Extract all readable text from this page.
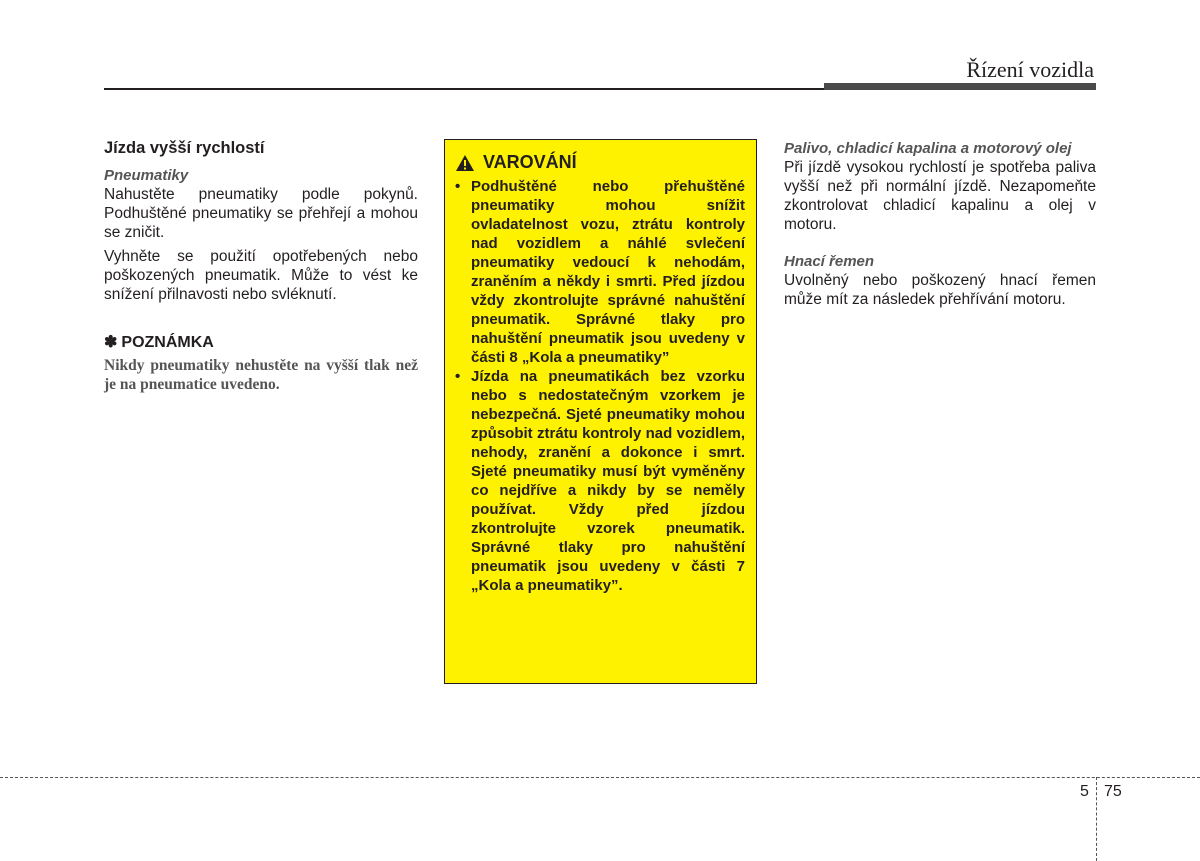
Řízení vozidla
Jízda vyšší rychlostí
Pneumatiky

Nahustěte pneumatiky podle pokynů. Podhuštěné pneumatiky se přehřejí a mohou se zničit.

Vyhněte se použití opotřebených nebo poškozených pneumatik. Může to vést ke snížení přilnavosti nebo svléknutí.

✽ POZNÁMKA
Nikdy pneumatiky nehustěte na vyšší tlak než je na pneumatice uvedeno.
VAROVÁNÍ
• Podhuštěné nebo přehuštěné pneumatiky mohou snížit ovladatelnost vozu, ztrátu kontroly nad vozidlem a náhlé svlečení pneumatiky vedoucí k nehodám, zraněním a někdy i smrti. Před jízdou vždy zkontrolujte správné nahuštění pneumatik. Správné tlaky pro nahuštění pneumatik jsou uvedeny v části 8 „Kola a pneumatiky”
• Jízda na pneumatikách bez vzorku nebo s nedostatečným vzorkem je nebezpečná. Sjeté pneumatiky mohou způsobit ztrátu kontroly nad vozidlem, nehody, zranění a dokonce i smrt. Sjeté pneumatiky musí být vyměněny co nejdříve a nikdy by se neměly používat. Vždy před jízdou zkontrolujte vzorek pneumatik. Správné tlaky pro nahuštění pneumatik jsou uvedeny v části 7 „Kola a pneumatiky”.
Palivo, chladicí kapalina a motorový olej

Při jízdě vysokou rychlostí je spotřeba paliva vyšší než při normální jízdě. Nezapomeňte zkontrolovat chladicí kapalinu a olej v motoru.

Hnací řemen

Uvolněný nebo poškozený hnací řemen může mít za následek přehřívání motoru.

5 75
